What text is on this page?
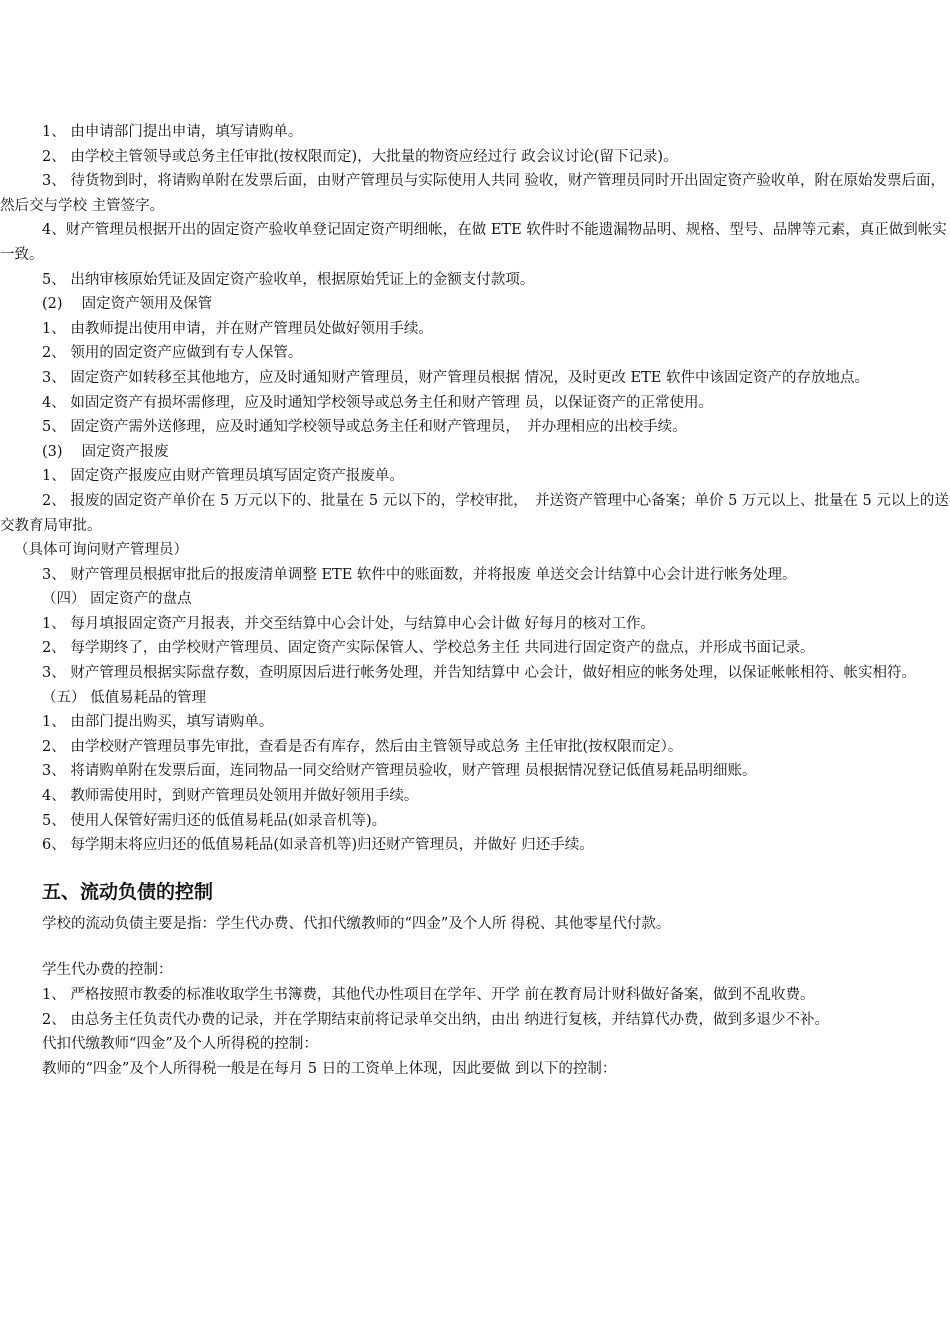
1、 由申请部门提出申请，填写请购单。

2、 由学校主管领导或总务主任审批(按权限而定)，大批量的物资应经过行 政会议讨论(留下记录)。

3、 待货物到时，将请购单附在发票后面，由财产管理员与实际使用人共同 验收，财产管理员同时开出固定资产验收单，附在原始发票后面，然后交与学校 主管签字。

4、财产管理员根据开出的固定资产验收单登记固定资产明细帐，在做 ETE 软件时不能遗漏物品明、规格、型号、品牌等元素，真正做到帐实一致。

5、 出纳审核原始凭证及固定资产验收单，根据原始凭证上的金额支付款项。

(2)　 固定资产领用及保管

1、 由教师提出使用申请，并在财产管理员处做好领用手续。

2、 领用的固定资产应做到有专人保管。

3、 固定资产如转移至其他地方，应及时通知财产管理员，财产管理员根据 情况，及时更改 ETE 软件中该固定资产的存放地点。

4、 如固定资产有损坏需修理，应及时通知学校领导或总务主任和财产管理 员，以保证资产的正常使用。

5、 固定资产需外送修理，应及时通知学校领导或总务主任和财产管理员，　并办理相应的出校手续。

(3)　 固定资产报废

1、 固定资产报废应由财产管理员填写固定资产报废单。

2、 报废的固定资产单价在 5 万元以下的、批量在 5 元以下的，学校审批，　并送资产管理中心备案；单价 5 万元以上、批量在 5 元以上的送交教育局审批。

（具体可询问财产管理员）

3、 财产管理员根据审批后的报废清单调整 ETE 软件中的账面数，并将报废 单送交会计结算中心会计进行帐务处理。

（四） 固定资产的盘点

1、 每月填报固定资产月报表，并交至结算中心会计处，与结算申心会计做 好每月的核对工作。

2、 每学期终了，由学校财产管理员、固定资产实际保管人、学校总务主任 共同进行固定资产的盘点，并形成书面记录。

3、 财产管理员根据实际盘存数，查明原因后进行帐务处理，并告知结算中 心会计，做好相应的帐务处理，以保证帐帐相符、帐实相符。

（五） 低值易耗品的管理

1、 由部门提出购买，填写请购单。

2、 由学校财产管理员事先审批，查看是否有库存，然后由主管领导或总务 主任审批(按权限而定）。

3、 将请购单附在发票后面，连同物品一同交给财产管理员验收，财产管理 员根据情况登记低值易耗品明细账。

4、 教师需使用时，到财产管理员处领用并做好领用手续。

5、 使用人保管好需归还的低值易耗品(如录音机等)。

6、 每学期末将应归还的低值易耗品(如录音机等)归还财产管理员，并做好 归还手续。

五、流动负债的控制

学校的流动负债主要是指：学生代办费、代扣代缴教师的“四金”及个人所 得税、其他零星代付款。

学生代办费的控制：

1、 严格按照市教委的标准收取学生书簿费，其他代办性项目在学年、开学 前在教育局计财科做好备案，做到不乱收费。

2、 由总务主任负责代办费的记录，并在学期结束前将记录单交出纳，由出 纳进行复核，并结算代办费，做到多退少不补。

代扣代缴教师“四金”及个人所得税的控制：

教师的“四金”及个人所得税一般是在每月 5 日的工资单上体现，因此要做 到以下的控制：
